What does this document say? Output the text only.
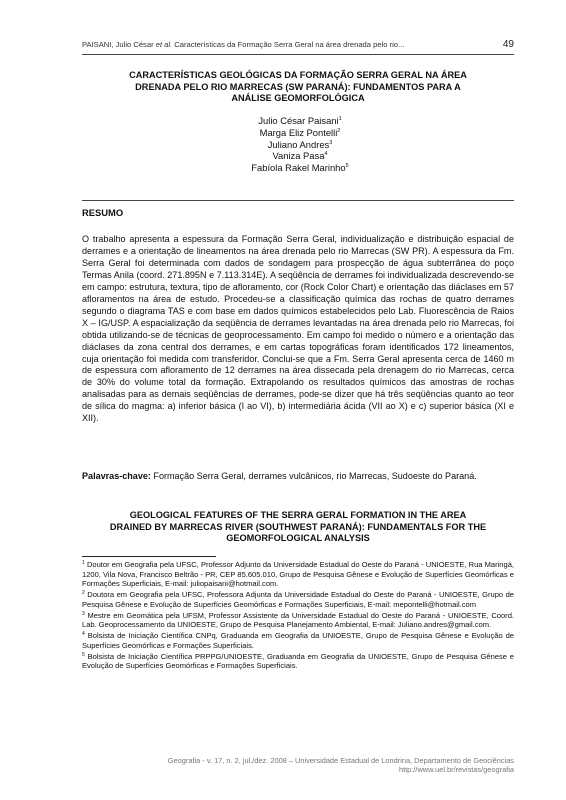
PAISANI, Julio César et al. Características da Formação Serra Geral na área drenada pelo rio...	49
CARACTERÍSTICAS GEOLÓGICAS DA FORMAÇÃO SERRA GERAL NA ÁREA
DRENADA PELO RIO MARRECAS (SW PARANÁ): FUNDAMENTOS PARA A
ANÁLISE GEOMORFOLÓGICA
Julio César Paisani$^1$
Marga Eliz Pontelli$^2$
Juliano Andres$^3$
Vaniza Pasa$^4$
Fabíola Rakel Marinho$^5$
RESUMO

O trabalho apresenta a espessura da Formação Serra Geral, individualização e distribuição espacial de derrames e a orientação de lineamentos na área drenada pelo rio Marrecas (SW PR). A espessura da Fm. Serra Geral foi determinada com dados de sondagem para prospecção de água subterrânea do poço Termas Anila (coord. 271.895N e 7.113.314E). A seqüência de derrames foi individualizada descrevendo-se em campo: estrutura, textura, tipo de afloramento, cor (Rock Color Chart) e orientação das diáclases em 57 afloramentos na área de estudo. Procedeu-se a classificação química das rochas de quatro derrames segundo o diagrama TAS e com base em dados químicos estabelecidos pelo Lab. Fluorescência de Raios X – IG/USP. A espacialização da seqüência de derrames levantadas na área drenada pelo rio Marrecas, foi obtida utilizando-se de técnicas de geoprocessamento. Em campo foi medido o número e a orientação das diáclases da zona central dos derrames, e em cartas topográficas foram identificados 172 lineamentos, cuja orientação foi medida com transferidor. Conclui-se que a Fm. Serra Geral apresenta cerca de 1460 m de espessura com afloramento de 12 derrames na área dissecada pela drenagem do rio Marrecas, cerca de 30% do volume total da formação. Extrapolando os resultados químicos das amostras de rochas analisadas para as demais seqüências de derrames, pode-se dizer que há três seqüências quanto ao teor de sílica do magma: a) inferior básica (I ao VI), b) intermediária ácida (VII ao X) e c) superior básica (XI e XII).

Palavras-chave: Formação Serra Geral, derrames vulcânicos, rio Marrecas, Sudoeste do Paraná.

GEOLOGICAL FEATURES OF THE SERRA GERAL FORMATION IN THE AREA
DRAINED BY MARRECAS RIVER (SOUTHWEST PARANÁ): FUNDAMENTALS FOR THE
GEOMORFOLOGICAL ANALYSIS

$^1$ Doutor em Geografia pela UFSC, Professor Adjunto da Universidade Estadual do Oeste do Paraná - UNIOESTE, Rua Maringá, 1200, Vila Nova, Francisco Beltrão - PR, CEP 85.605.010, Grupo de Pesquisa Gênese e Evolução de Superfícies Geomórficas e Formações Superficiais, E-mail: juliopaisani@hotmail.com.

$^2$ Doutora em Geografia pela UFSC, Professora Adjunta da Universidade Estadual do Oeste do Paraná - UNIOESTE, Grupo de Pesquisa Gênese e Evolução de Superfícies Geomórficas e Formações Superficiais, E-mail: mepontelli@hotmail.com

$^3$ Mestre em Geomática pela UFSM, Professor Assistente da Universidade Estadual do Oeste do Paraná - UNIOESTE, Coord. Lab. Geoprocessamento da UNIOESTE, Grupo de Pesquisa Planejamento Ambiental, E-mail: Juliano.andres@gmail.com.

$^4$ Bolsista de Iniciação Científica CNPq, Graduanda em Geografia da UNIOESTE, Grupo de Pesquisa Gênese e Evolução de Superfícies Geomórficas e Formações Superficiais.

$^5$ Bolsista de Iniciação Científica PRPPG/UNIOESTE, Graduanda em Geografia da UNIOESTE, Grupo de Pesquisa Gênese e Evolução de Superfícies Geomórficas e Formações Superficiais.

Geografia - v. 17, n. 2, jul./dez. 2008 – Universidade Estadual de Londrina, Departamento de Geociências
http://www.uel.br/revistas/geografia
